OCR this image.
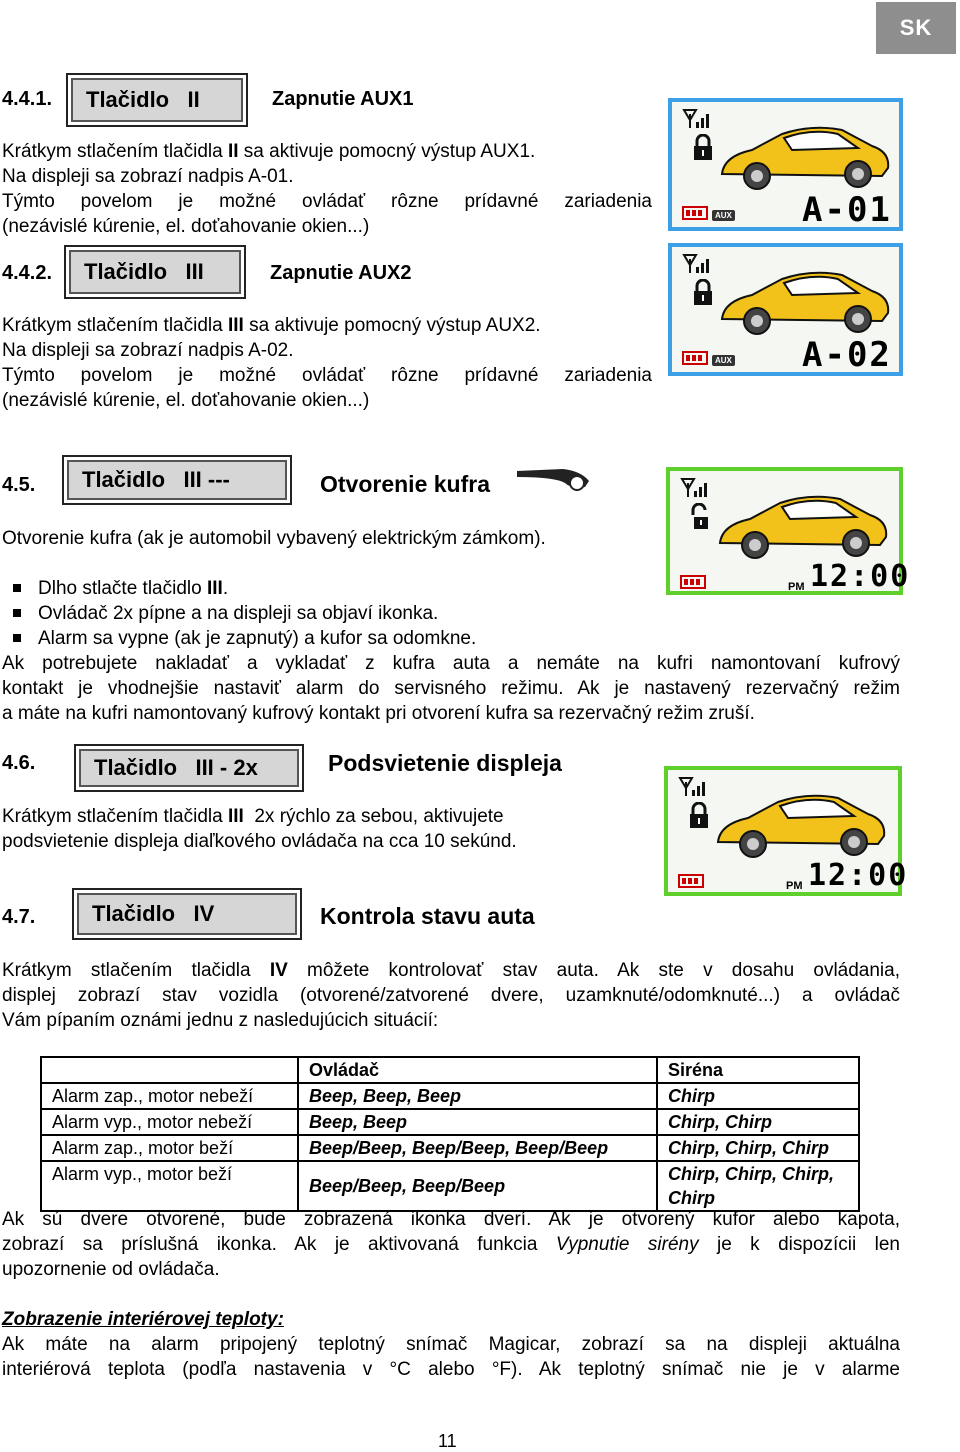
SK
4.4.1. Tlačidlo   II	Zapnutie AUX1
Krátkym stlačením tlačidla II sa aktivuje pomocný výstup AUX1.
Na displeji sa zobrazí nadpis A-01.
Týmto povelom je možné ovládať rôzne prídavné zariadenia
(nezávislé kúrenie, el. doťahovanie okien...)
AUX A-01
4.4.2. Tlačidlo   III	Zapnutie AUX2
Krátkym stlačením tlačidla III sa aktivuje pomocný výstup AUX2.
Na displeji sa zobrazí nadpis A-02.
Týmto povelom je možné ovládať rôzne prídavné zariadenia
(nezávislé kúrenie, el. doťahovanie okien...)
AUX A-02
4.5. Tlačidlo   III ---	Otvorenie kufra
Otvorenie kufra (ak je automobil vybavený elektrickým zámkom).
Dlho stlačte tlačidlo III.
Ovládač 2x pípne a na displeji sa objaví ikonka.
Alarm sa vypne (ak je zapnutý) a kufor sa odomkne.
Ak potrebujete nakladať a vykladať z kufra auta a nemáte na kufri namontovaní kufrový
kontakt je vhodnejšie nastaviť alarm do servisného režimu. Ak je nastavený rezervačný režim
a máte na kufri namontovaný kufrový kontakt pri otvorení kufra sa rezervačný režim zruší.
PM 12:00
4.6.	Tlačidlo   III - 2x	Podsvietenie displeja
Krátkym stlačením tlačidla III  2x rýchlo za sebou, aktivujete
podsvietenie displeja diaľkového ovládača na cca 10 sekúnd.
PM 12:00
4.7.	Tlačidlo   IV	Kontrola stavu auta
Krátkym stlačením tlačidla IV môžete kontrolovať stav auta. Ak ste v dosahu ovládania,
displej zobrazí stav vozidla (otvorené/zatvorené dvere, uzamknuté/odomknuté...) a ovládač
Vám pípaním oznámi jednu z nasledujúcich situácií:
	Ovládač	Siréna
Alarm zap., motor nebeží	Beep, Beep, Beep	Chirp
Alarm vyp., motor nebeží	Beep, Beep	Chirp, Chirp
Alarm zap., motor beží	Beep/Beep, Beep/Beep, Beep/Beep	Chirp, Chirp, Chirp
Alarm vyp., motor beží	Beep/Beep, Beep/Beep	Chirp, Chirp, Chirp,
Chirp
Ak sú dvere otvorené, bude zobrazená ikonka dverí. Ak je otvorený kufor alebo kapota,
zobrazí sa príslušná ikonka. Ak je aktivovaná funkcia Vypnutie sirény je k dispozícii len
upozornenie od ovládača.
Zobrazenie interiérovej teploty:
Ak máte na alarm pripojený teplotný snímač Magicar, zobrazí sa na displeji aktuálna
interiérová teplota (podľa nastavenia v °C alebo °F). Ak teplotný snímač nie je v alarme
11
